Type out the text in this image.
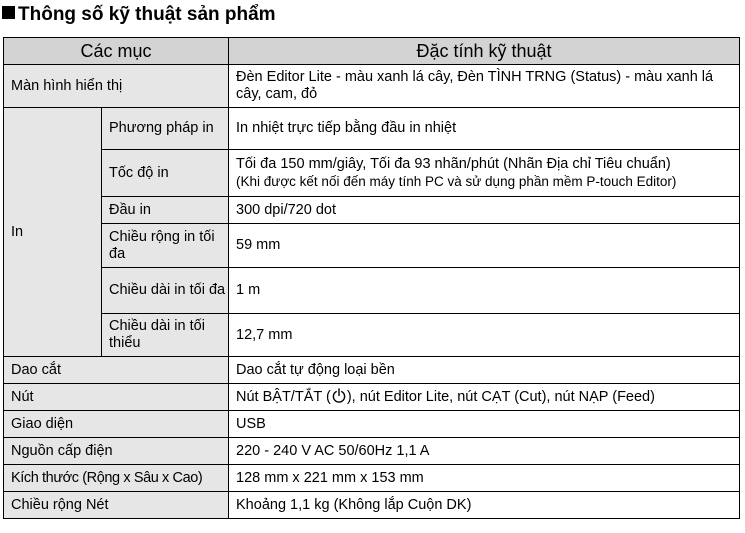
Thông số kỹ thuật sản phẩm
Các mục		Đặc tính kỹ thuật
Màn hình hiển thị		Đèn Editor Lite - màu xanh lá cây, Đèn TÌNH TRNG (Status) - màu xanh lá cây, cam, đỏ
In	Phương pháp in	In nhiệt trực tiếp bằng đầu in nhiệt
	Tốc độ in	Tối đa 150 mm/giây, Tối đa 93 nhãn/phút (Nhãn Địa chỉ Tiêu chuẩn)
(Khi được kết nối đến máy tính PC và sử dụng phần mềm P-touch Editor)

	Đầu in	300 dpi/720 dot
	Chiều rộng in tối đa	59 mm
	Chiều dài in tối đa	1 m
	Chiều dài in tối thiểu	12,7 mm
Dao cắt		Dao cắt tự động loại bền
Nút		Nút BẬT/TẮT ( ), nút Editor Lite, nút CẠT (Cut), nút NẠP (Feed)
Giao diện		USB
Nguồn cấp điện		220 - 240 V AC 50/60Hz 1,1 A
Kích thước (Rộng x Sâu x Cao)		128 mm x 221 mm x 153 mm
Chiều rộng Nét		Khoảng 1,1 kg (Không lắp Cuộn DK)
